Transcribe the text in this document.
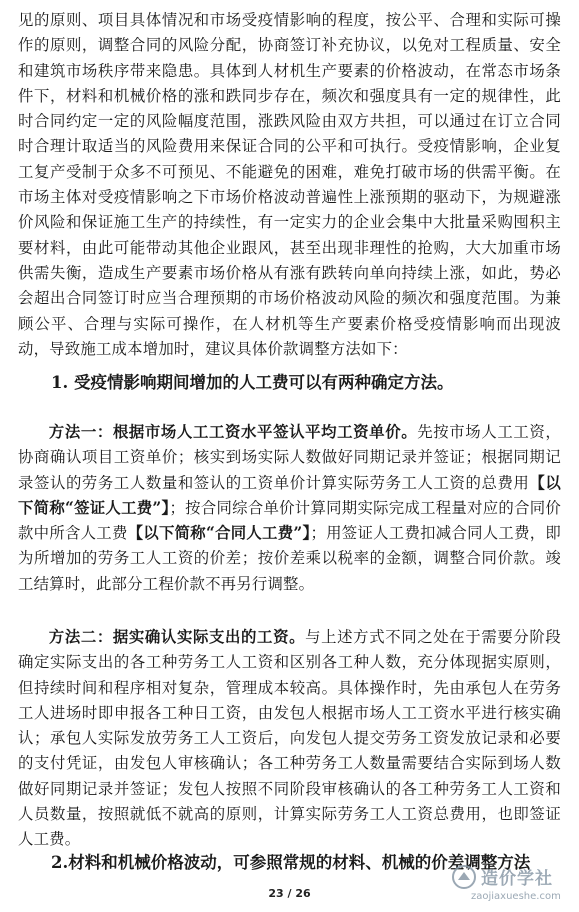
见的原则、项目具体情况和市场受疫情影响的程度，按公平、合理和实际可操作的原则，调整合同的风险分配，协商签订补充协议，以免对工程质量、安全和建筑市场秩序带来隐患。具体到人材机生产要素的价格波动，在常态市场条件下，材料和机械价格的涨和跌同步存在，频次和强度具有一定的规律性，此时合同约定一定的风险幅度范围，涨跌风险由双方共担，可以通过在订立合同时合理计取适当的风险费用来保证合同的公平和可执行。受疫情影响，企业复工复产受制于众多不可预见、不能避免的困难，难免打破市场的供需平衡。在市场主体对受疫情影响之下市场价格波动普遍性上涨预期的驱动下，为规避涨价风险和保证施工生产的持续性，有一定实力的企业会集中大批量采购囤积主要材料，由此可能带动其他企业跟风，甚至出现非理性的抢购，大大加重市场供需失衡，造成生产要素市场价格从有涨有跌转向单向持续上涨，如此，势必会超出合同签订时应当合理预期的市场价格波动风险的频次和强度范围。为兼顾公平、合理与实际可操作，在人材机等生产要素价格受疫情影响而出现波动，导致施工成本增加时，建议具体价款调整方法如下：

1. 受疫情影响期间增加的人工费可以有两种确定方法。

方法一：根据市场人工工资水平签认平均工资单价。先按市场人工工资，协商确认项目工资单价；核实到场实际人数做好同期记录并签证；根据同期记录签认的劳务工人数量和签认的工资单价计算实际劳务工人工资的总费用【以下简称“签证人工费”】；按合同综合单价计算同期实际完成工程量对应的合同价款中所含人工费【以下简称“合同人工费”】；用签证人工费扣减合同人工费，即为所增加的劳务工人工资的价差；按价差乘以税率的金额，调整合同价款。竣工结算时，此部分工程价款不再另行调整。

方法二：据实确认实际支出的工资。与上述方式不同之处在于需要分阶段确定实际支出的各工种劳务工人工资和区别各工种人数，充分体现据实原则，但持续时间和程序相对复杂，管理成本较高。具体操作时，先由承包人在劳务工人进场时即申报各工种日工资，由发包人根据市场人工工资水平进行核实确认；承包人实际发放劳务工人工资后，向发包人提交劳务工资发放记录和必要的支付凭证，由发包人审核确认；各工种劳务工人数量需要结合实际到场人数做好同期记录并签证；发包人按照不同阶段审核确认的各工种劳务工人工资和人员数量，按照就低不就高的原则，计算实际劳务工人工资总费用，也即签证人工费。

2.材料和机械价格波动，可参照常规的材料、机械的价差调整方法

23 / 26
造价学社
zaojiaxueshe.com
